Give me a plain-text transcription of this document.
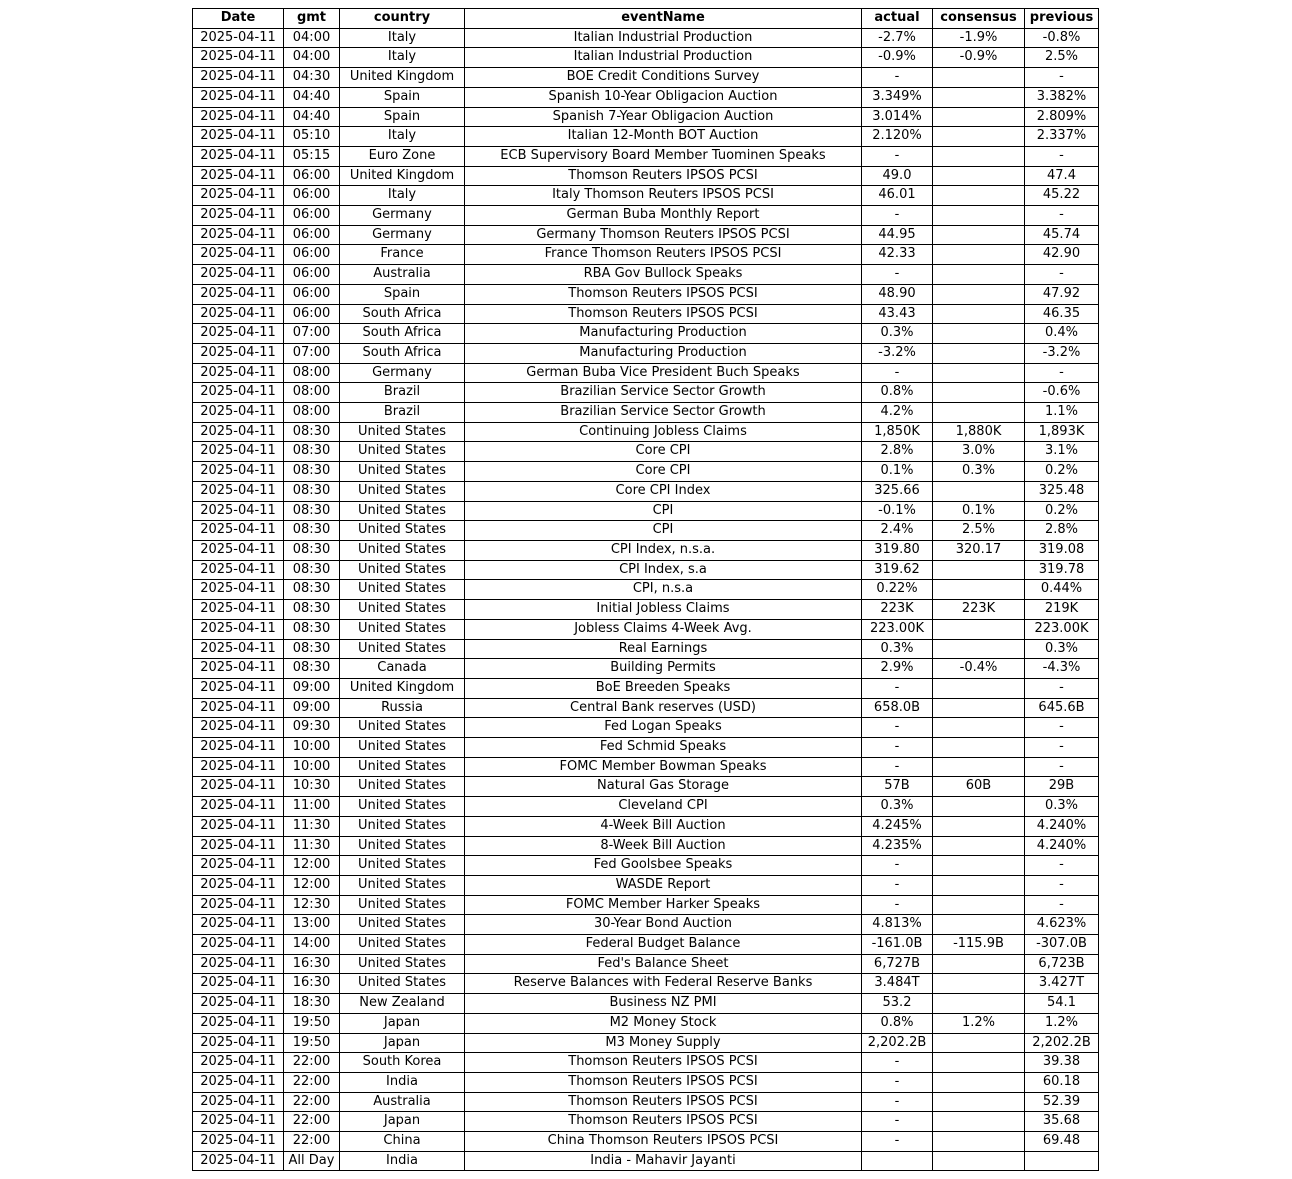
Date	gmt	country	eventName	actual	consensus	previous
2025-04-11	04:00	Italy	Italian Industrial Production	-2.7%	-1.9%	-0.8%
2025-04-11	04:00	Italy	Italian Industrial Production	-0.9%	-0.9%	2.5%
2025-04-11	04:30	United Kingdom	BOE Credit Conditions Survey	-		-
2025-04-11	04:40	Spain	Spanish 10-Year Obligacion Auction	3.349%		3.382%
2025-04-11	04:40	Spain	Spanish 7-Year Obligacion Auction	3.014%		2.809%
2025-04-11	05:10	Italy	Italian 12-Month BOT Auction	2.120%		2.337%
2025-04-11	05:15	Euro Zone	ECB Supervisory Board Member Tuominen Speaks	-		-
2025-04-11	06:00	United Kingdom	Thomson Reuters IPSOS PCSI	49.0		47.4
2025-04-11	06:00	Italy	Italy Thomson Reuters IPSOS PCSI	46.01		45.22
2025-04-11	06:00	Germany	German Buba Monthly Report	-		-
2025-04-11	06:00	Germany	Germany Thomson Reuters IPSOS PCSI	44.95		45.74
2025-04-11	06:00	France	France Thomson Reuters IPSOS PCSI	42.33		42.90
2025-04-11	06:00	Australia	RBA Gov Bullock Speaks	-		-
2025-04-11	06:00	Spain	Thomson Reuters IPSOS PCSI	48.90		47.92
2025-04-11	06:00	South Africa	Thomson Reuters IPSOS PCSI	43.43		46.35
2025-04-11	07:00	South Africa	Manufacturing Production	0.3%		0.4%
2025-04-11	07:00	South Africa	Manufacturing Production	-3.2%		-3.2%
2025-04-11	08:00	Germany	German Buba Vice President Buch Speaks	-		-
2025-04-11	08:00	Brazil	Brazilian Service Sector Growth	0.8%		-0.6%
2025-04-11	08:00	Brazil	Brazilian Service Sector Growth	4.2%		1.1%
2025-04-11	08:30	United States	Continuing Jobless Claims	1,850K	1,880K	1,893K
2025-04-11	08:30	United States	Core CPI	2.8%	3.0%	3.1%
2025-04-11	08:30	United States	Core CPI	0.1%	0.3%	0.2%
2025-04-11	08:30	United States	Core CPI Index	325.66		325.48
2025-04-11	08:30	United States	CPI	-0.1%	0.1%	0.2%
2025-04-11	08:30	United States	CPI	2.4%	2.5%	2.8%
2025-04-11	08:30	United States	CPI Index, n.s.a.	319.80	320.17	319.08
2025-04-11	08:30	United States	CPI Index, s.a	319.62		319.78
2025-04-11	08:30	United States	CPI, n.s.a	0.22%		0.44%
2025-04-11	08:30	United States	Initial Jobless Claims	223K	223K	219K
2025-04-11	08:30	United States	Jobless Claims 4-Week Avg.	223.00K		223.00K
2025-04-11	08:30	United States	Real Earnings	0.3%		0.3%
2025-04-11	08:30	Canada	Building Permits	2.9%	-0.4%	-4.3%
2025-04-11	09:00	United Kingdom	BoE Breeden Speaks	-		-
2025-04-11	09:00	Russia	Central Bank reserves (USD)	658.0B		645.6B
2025-04-11	09:30	United States	Fed Logan Speaks	-		-
2025-04-11	10:00	United States	Fed Schmid Speaks	-		-
2025-04-11	10:00	United States	FOMC Member Bowman Speaks	-		-
2025-04-11	10:30	United States	Natural Gas Storage	57B	60B	29B
2025-04-11	11:00	United States	Cleveland CPI	0.3%		0.3%
2025-04-11	11:30	United States	4-Week Bill Auction	4.245%		4.240%
2025-04-11	11:30	United States	8-Week Bill Auction	4.235%		4.240%
2025-04-11	12:00	United States	Fed Goolsbee Speaks	-		-
2025-04-11	12:00	United States	WASDE Report	-		-
2025-04-11	12:30	United States	FOMC Member Harker Speaks	-		-
2025-04-11	13:00	United States	30-Year Bond Auction	4.813%		4.623%
2025-04-11	14:00	United States	Federal Budget Balance	-161.0B	-115.9B	-307.0B
2025-04-11	16:30	United States	Fed's Balance Sheet	6,727B		6,723B
2025-04-11	16:30	United States	Reserve Balances with Federal Reserve Banks	3.484T		3.427T
2025-04-11	18:30	New Zealand	Business NZ PMI	53.2		54.1
2025-04-11	19:50	Japan	M2 Money Stock	0.8%	1.2%	1.2%
2025-04-11	19:50	Japan	M3 Money Supply	2,202.2B		2,202.2B
2025-04-11	22:00	South Korea	Thomson Reuters IPSOS PCSI	-		39.38
2025-04-11	22:00	India	Thomson Reuters IPSOS PCSI	-		60.18
2025-04-11	22:00	Australia	Thomson Reuters IPSOS PCSI	-		52.39
2025-04-11	22:00	Japan	Thomson Reuters IPSOS PCSI	-		35.68
2025-04-11	22:00	China	China Thomson Reuters IPSOS PCSI	-		69.48
2025-04-11	All Day	India	India - Mahavir Jayanti			
